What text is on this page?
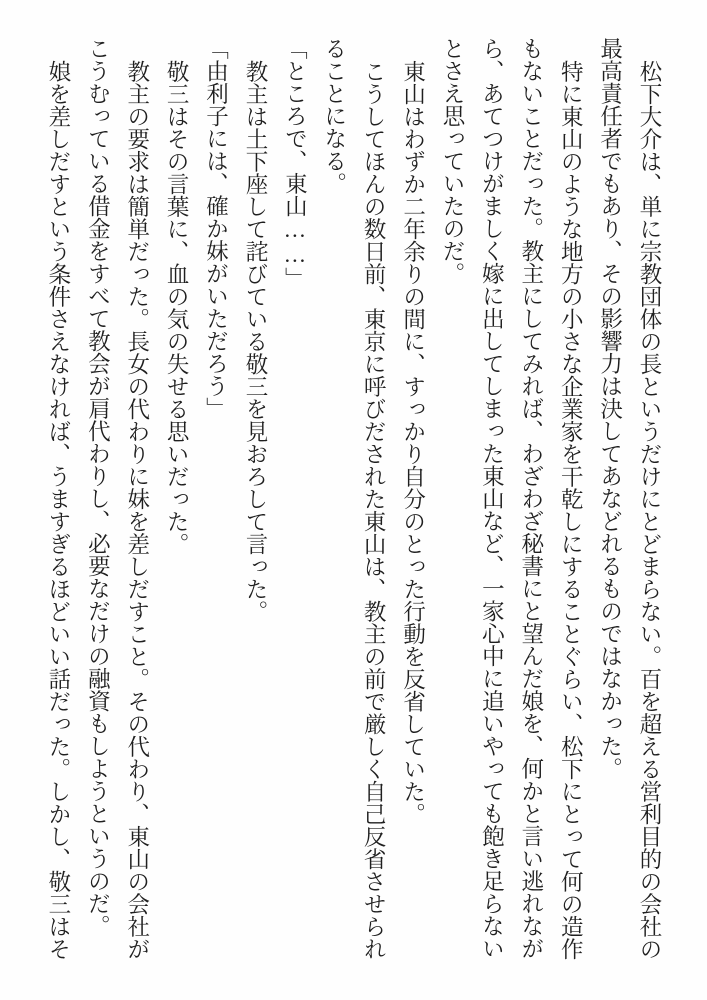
松下大介は、単に宗教団体の長というだけにとどまらない。百を超える営利目的の会社の最高責任者でもあり、その影響力は決してあなどれるものではなかった。

特に東山のような地方の小さな企業家を干乾しにすることぐらい、松下にとって何の造作もないことだった。教主にしてみれば、わざわざ秘書にと望んだ娘を、何かと言い逃れながら、あてつけがましく嫁に出してしまった東山など、一家心中に追いやっても飽き足らないとさえ思っていたのだ。

東山はわずか二年余りの間に、すっかり自分のとった行動を反省していた。

こうしてほんの数日前、東京に呼びだされた東山は、教主の前で厳しく自己反省させられることになる。

「ところで、東山……」

教主は土下座して詫びている敬三を見おろして言った。

「由利子には、確か妹がいただろう」

敬三はその言葉に、血の気の失せる思いだった。

教主の要求は簡単だった。長女の代わりに妹を差しだすこと。その代わり、東山の会社がこうむっている借金をすべて教会が肩代わりし、必要なだけの融資もしようというのだ。

娘を差しだすという条件さえなければ、うますぎるほどいい話だった。しかし、敬三はそ
